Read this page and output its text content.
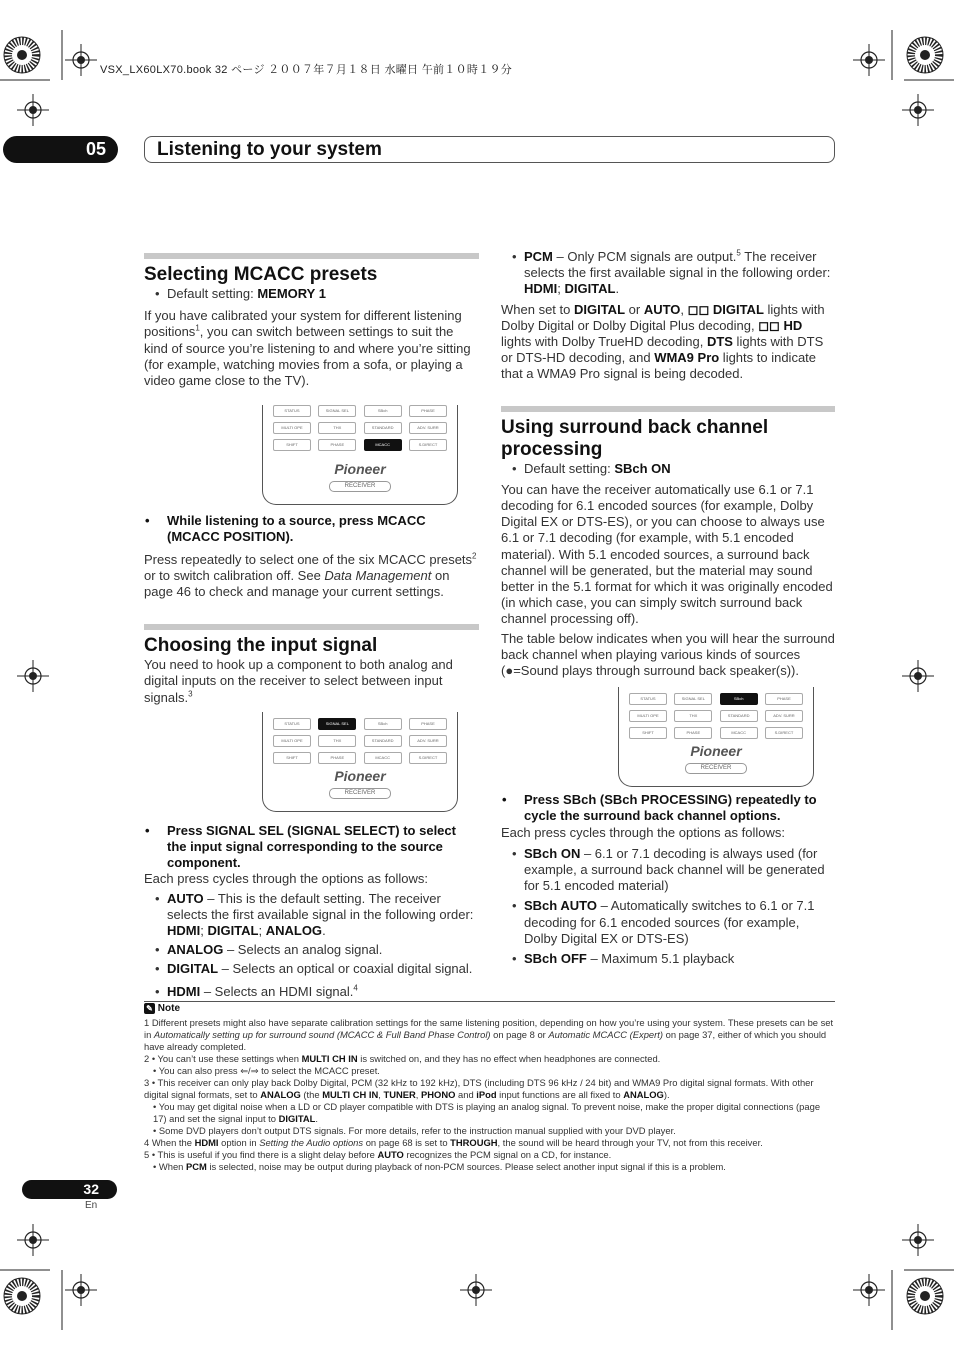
VSX_LX60LX70.book 32 ページ ２００７年７月１８日 水曜日 午前１０時１９分
05	Listening to your system
Selecting MCACC presets

• Default setting: MEMORY 1

If you have calibrated your system for different listening positions$^1$, you can switch between settings to suit the kind of source you’re listening to and where you’re sitting (for example, watching movies from a sofa, or playing a video game close to the TV).

STATUS	SIGNAL SEL	SBch	PHASE
MULTI OPE	THX	STANDARD	ADV. SURR
SHIFT	PHASE	MCACC	S.DIRECT
Pioneer
RECEIVER

• While listening to a source, press MCACC (MCACC POSITION).

Press repeatedly to select one of the six MCACC presets$^2$ or to switch calibration off. See Data Management on page 46 to check and manage your current settings.

Choosing the input signal

You need to hook up a component to both analog and digital inputs on the receiver to select between input signals.$^3$

STATUS	SIGNAL SEL	SBch	PHASE
MULTI OPE	THX	STANDARD	ADV. SURR
SHIFT	PHASE	MCACC	S.DIRECT
Pioneer
RECEIVER

• Press SIGNAL SEL (SIGNAL SELECT) to select the input signal corresponding to the source component.

Each press cycles through the options as follows:

• AUTO – This is the default setting. The receiver selects the first available signal in the following order: HDMI; DIGITAL; ANALOG.

• ANALOG – Selects an analog signal.

• DIGITAL – Selects an optical or coaxial digital signal.

• HDMI – Selects an HDMI signal.$^4$

• PCM – Only PCM signals are output.$^5$ The receiver selects the first available signal in the following order: HDMI; DIGITAL.

When set to DIGITAL or AUTO, ◻◻ DIGITAL lights with Dolby Digital or Dolby Digital Plus decoding, ◻◻ HD lights with Dolby TrueHD decoding, DTS lights with DTS or DTS-HD decoding, and WMA9 Pro lights to indicate that a WMA9 Pro signal is being decoded.

Using surround back channel processing

• Default setting: SBch ON

You can have the receiver automatically use 6.1 or 7.1 decoding for 6.1 encoded sources (for example, Dolby Digital EX or DTS-ES), or you can choose to always use 6.1 or 7.1 decoding (for example, with 5.1 encoded material). With 5.1 encoded sources, a surround back channel will be generated, but the material may sound better in the 5.1 format for which it was originally encoded (in which case, you can simply switch surround back channel processing off).

The table below indicates when you will hear the surround back channel when playing various kinds of sources (●=Sound plays through surround back speaker(s)).

STATUS	SIGNAL SEL	SBch	PHASE
MULTI OPE	THX	STANDARD	ADV. SURR
SHIFT	PHASE	MCACC	S.DIRECT
Pioneer
RECEIVER

• Press SBch (SBch PROCESSING) repeatedly to cycle the surround back channel options.

Each press cycles through the options as follows:

• SBch ON – 6.1 or 7.1 decoding is always used (for example, a surround back channel will be generated for 5.1 encoded material)

• SBch AUTO – Automatically switches to 6.1 or 7.1 decoding for 6.1 encoded sources (for example, Dolby Digital EX or DTS-ES)

• SBch OFF – Maximum 5.1 playback

✎ Note

1 Different presets might also have separate calibration settings for the same listening position, depending on how you’re using your system. These presets can be set in Automatically setting up for surround sound (MCACC & Full Band Phase Control) on page 8 or Automatic MCACC (Expert) on page 37, either of which you should have already completed.

2 • You can’t use these settings when MULTI CH IN is switched on, and they has no effect when headphones are connected.

• You can also press ⇐/⇒ to select the MCACC preset.

3 • This receiver can only play back Dolby Digital, PCM (32 kHz to 192 kHz), DTS (including DTS 96 kHz / 24 bit) and WMA9 Pro digital signal formats. With other digital signal formats, set to ANALOG (the MULTI CH IN, TUNER, PHONO and iPod input functions are all fixed to ANALOG).

• You may get digital noise when a LD or CD player compatible with DTS is playing an analog signal. To prevent noise, make the proper digital connections (page 17) and set the signal input to DIGITAL.

• Some DVD players don’t output DTS signals. For more details, refer to the instruction manual supplied with your DVD player.

4 When the HDMI option in Setting the Audio options on page 68 is set to THROUGH, the sound will be heard through your TV, not from this receiver.

5 • This is useful if you find there is a slight delay before AUTO recognizes the PCM signal on a CD, for instance.

• When PCM is selected, noise may be output during playback of non-PCM sources. Please select another input signal if this is a problem.

32
En
